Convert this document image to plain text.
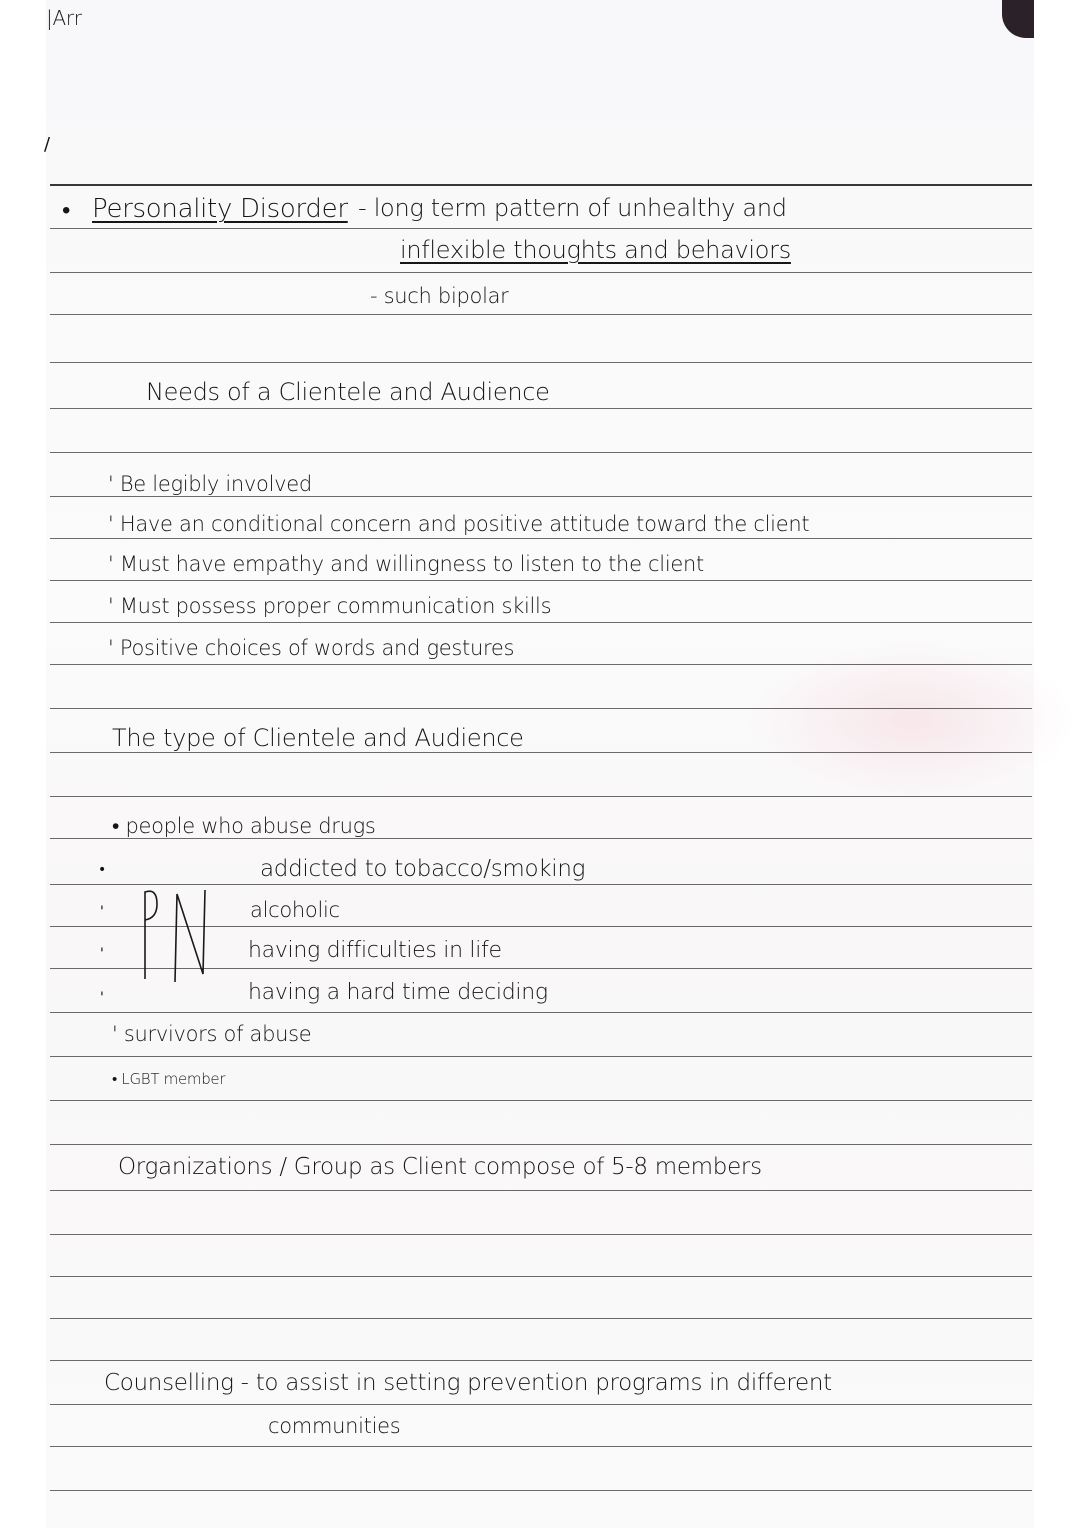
|Arr
/
• Personality Disorder - long term pattern of unhealthy and
inflexible thoughts and behaviors
- such bipolar
Needs of a Clientele and Audience
' Be legibly involved
' Have an conditional concern and positive attitude toward the client
' Must have empathy and willingness to listen to the client
' Must possess proper communication skills
' Positive choices of words and gestures
The type of Clientele and Audience
• people who abuse drugs
addicted to tobacco/smoking
alcoholic
having difficulties in life
having a hard time deciding
•
'
'
'
' survivors of abuse
• LGBT member
Organizations / Group as Client compose of 5-8 members
Counselling - to assist in setting prevention programs in different
communities
